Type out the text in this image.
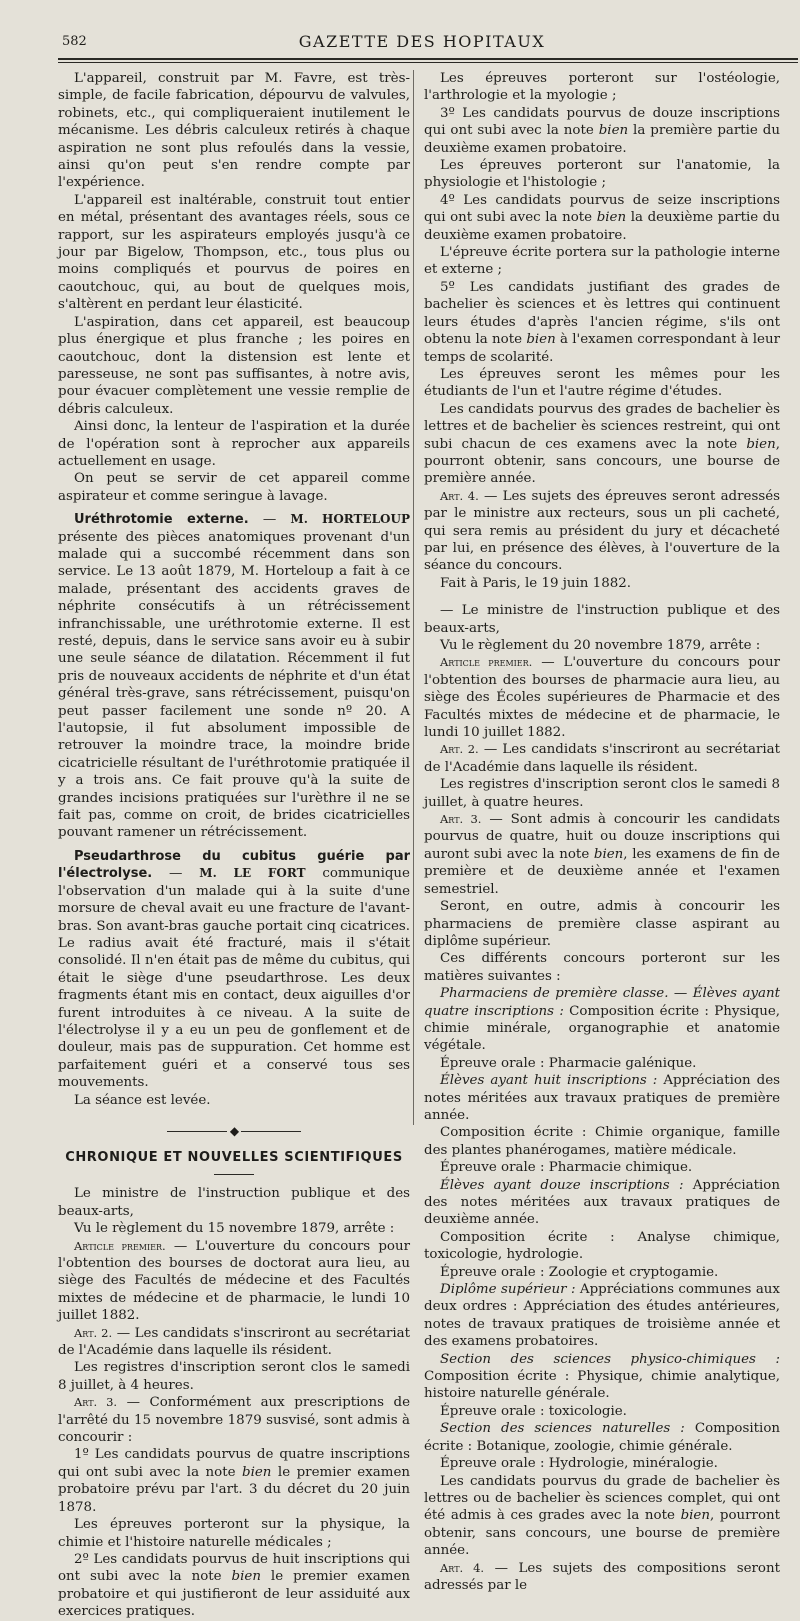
582	GAZETTE DES HOPITAUX

L'appareil, construit par M. Favre, est très-simple, de facile fabrication, dépourvu de valvules, robinets, etc., qui compliqueraient inutilement le mécanisme. Les débris calculeux retirés à chaque aspiration ne sont plus refoulés dans la vessie, ainsi qu'on peut s'en rendre compte par l'expérience.

L'appareil est inaltérable, construit tout entier en métal, présentant des avantages réels, sous ce rapport, sur les aspirateurs employés jusqu'à ce jour par Bigelow, Thompson, etc., tous plus ou moins compliqués et pourvus de poires en caoutchouc, qui, au bout de quelques mois, s'altèrent en perdant leur élasticité.

L'aspiration, dans cet appareil, est beaucoup plus énergique et plus franche ; les poires en caoutchouc, dont la distension est lente et paresseuse, ne sont pas suffisantes, à notre avis, pour évacuer complètement une vessie remplie de débris calculeux.

Ainsi donc, la lenteur de l'aspiration et la durée de l'opération sont à reprocher aux appareils actuellement en usage.

On peut se servir de cet appareil comme aspirateur et comme seringue à lavage.

Uréthrotomie externe. — M. HORTELOUP présente des pièces anatomiques provenant d'un malade qui a succombé récemment dans son service. Le 13 août 1879, M. Horteloup a fait à ce malade, présentant des accidents graves de néphrite consécutifs à un rétrécissement infranchissable, une uréthrotomie externe. Il est resté, depuis, dans le service sans avoir eu à subir une seule séance de dilatation. Récemment il fut pris de nouveaux accidents de néphrite et d'un état général très-grave, sans rétrécissement, puisqu'on peut passer facilement une sonde nº 20. A l'autopsie, il fut absolument impossible de retrouver la moindre trace, la moindre bride cicatricielle résultant de l'uréthrotomie pratiquée il y a trois ans. Ce fait prouve qu'à la suite de grandes incisions pratiquées sur l'urèthre il ne se fait pas, comme on croit, de brides cicatricielles pouvant ramener un rétrécissement.

Pseudarthrose du cubitus guérie par l'électrolyse. — M. LE FORT communique l'observation d'un malade qui à la suite d'une morsure de cheval avait eu une fracture de l'avant-bras. Son avant-bras gauche portait cinq cicatrices. Le radius avait été fracturé, mais il s'était consolidé. Il n'en était pas de même du cubitus, qui était le siège d'une pseudarthrose. Les deux fragments étant mis en contact, deux aiguilles d'or furent introduites à ce niveau. A la suite de l'électrolyse il y a eu un peu de gonflement et de douleur, mais pas de suppuration. Cet homme est parfaitement guéri et a conservé tous ses mouvements.

La séance est levée.

◆
CHRONIQUE ET NOUVELLES SCIENTIFIQUES

Le ministre de l'instruction publique et des beaux-arts,

Vu le règlement du 15 novembre 1879, arrête :

Article premier. — L'ouverture du concours pour l'obtention des bourses de doctorat aura lieu, au siège des Facultés de médecine et des Facultés mixtes de médecine et de pharmacie, le lundi 10 juillet 1882.

Art. 2. — Les candidats s'inscriront au secrétariat de l'Académie dans laquelle ils résident.

Les registres d'inscription seront clos le samedi 8 juillet, à 4 heures.

Art. 3. — Conformément aux prescriptions de l'arrêté du 15 novembre 1879 susvisé, sont admis à concourir :

1º Les candidats pourvus de quatre inscriptions qui ont subi avec la note bien le premier examen probatoire prévu par l'art. 3 du décret du 20 juin 1878.

Les épreuves porteront sur la physique, la chimie et l'histoire naturelle médicales ;

2º Les candidats pourvus de huit inscriptions qui ont subi avec la note bien le premier examen probatoire et qui justifieront de leur assiduité aux exercices pratiques.

Les épreuves porteront sur l'ostéologie, l'arthrologie et la myologie ;

3º Les candidats pourvus de douze inscriptions qui ont subi avec la note bien la première partie du deuxième examen probatoire.

Les épreuves porteront sur l'anatomie, la physiologie et l'histologie ;

4º Les candidats pourvus de seize inscriptions qui ont subi avec la note bien la deuxième partie du deuxième examen probatoire.

L'épreuve écrite portera sur la pathologie interne et externe ;

5º Les candidats justifiant des grades de bachelier ès sciences et ès lettres qui continuent leurs études d'après l'ancien régime, s'ils ont obtenu la note bien à l'examen correspondant à leur temps de scolarité.

Les épreuves seront les mêmes pour les étudiants de l'un et l'autre régime d'études.

Les candidats pourvus des grades de bachelier ès lettres et de bachelier ès sciences restreint, qui ont subi chacun de ces examens avec la note bien, pourront obtenir, sans concours, une bourse de première année.

Art. 4. — Les sujets des épreuves seront adressés par le ministre aux recteurs, sous un pli cacheté, qui sera remis au président du jury et décacheté par lui, en présence des élèves, à l'ouverture de la séance du concours.

Fait à Paris, le 19 juin 1882.

— Le ministre de l'instruction publique et des beaux-arts,

Vu le règlement du 20 novembre 1879, arrête :

Article premier. — L'ouverture du concours pour l'obtention des bourses de pharmacie aura lieu, au siège des Écoles supérieures de Pharmacie et des Facultés mixtes de médecine et de pharmacie, le lundi 10 juillet 1882.

Art. 2. — Les candidats s'inscriront au secrétariat de l'Académie dans laquelle ils résident.

Les registres d'inscription seront clos le samedi 8 juillet, à quatre heures.

Art. 3. — Sont admis à concourir les candidats pourvus de quatre, huit ou douze inscriptions qui auront subi avec la note bien, les examens de fin de première et de deuxième année et l'examen semestriel.

Seront, en outre, admis à concourir les pharmaciens de première classe aspirant au diplôme supérieur.

Ces différents concours porteront sur les matières suivantes :

Pharmaciens de première classe. — Élèves ayant quatre inscriptions : Composition écrite : Physique, chimie minérale, organographie et anatomie végétale.

Épreuve orale : Pharmacie galénique.

Élèves ayant huit inscriptions : Appréciation des notes méritées aux travaux pratiques de première année.

Composition écrite : Chimie organique, famille des plantes phanérogames, matière médicale.

Épreuve orale : Pharmacie chimique.

Élèves ayant douze inscriptions : Appréciation des notes méritées aux travaux pratiques de deuxième année.

Composition écrite : Analyse chimique, toxicologie, hydrologie.

Épreuve orale : Zoologie et cryptogamie.

Diplôme supérieur : Appréciations communes aux deux ordres : Appréciation des études antérieures, notes de travaux pratiques de troisième année et des examens probatoires.

Section des sciences physico-chimiques : Composition écrite : Physique, chimie analytique, histoire naturelle générale.

Épreuve orale : toxicologie.

Section des sciences naturelles : Composition écrite : Botanique, zoologie, chimie générale.

Épreuve orale : Hydrologie, minéralogie.

Les candidats pourvus du grade de bachelier ès lettres ou de bachelier ès sciences complet, qui ont été admis à ces grades avec la note bien, pourront obtenir, sans concours, une bourse de première année.

Art. 4. — Les sujets des compositions seront adressés par le
